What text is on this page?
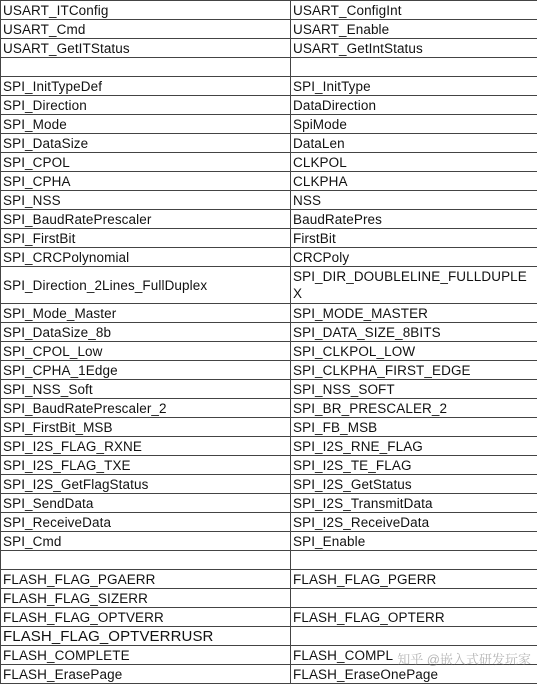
USART_ITConfig	USART_ConfigInt
USART_Cmd	USART_Enable
USART_GetITStatus	USART_GetIntStatus

SPI_InitTypeDef	SPI_InitType
SPI_Direction	DataDirection
SPI_Mode	SpiMode
SPI_DataSize	DataLen
SPI_CPOL	CLKPOL
SPI_CPHA	CLKPHA
SPI_NSS	NSS
SPI_BaudRatePrescaler	BaudRatePres
SPI_FirstBit	FirstBit
SPI_CRCPolynomial	CRCPoly
SPI_Direction_2Lines_FullDuplex	SPI_DIR_DOUBLELINE_FULLDUPLEX
SPI_Mode_Master	SPI_MODE_MASTER
SPI_DataSize_8b	SPI_DATA_SIZE_8BITS
SPI_CPOL_Low	SPI_CLKPOL_LOW
SPI_CPHA_1Edge	SPI_CLKPHA_FIRST_EDGE
SPI_NSS_Soft	SPI_NSS_SOFT
SPI_BaudRatePrescaler_2	SPI_BR_PRESCALER_2
SPI_FirstBit_MSB	SPI_FB_MSB
SPI_I2S_FLAG_RXNE	SPI_I2S_RNE_FLAG
SPI_I2S_FLAG_TXE	SPI_I2S_TE_FLAG
SPI_I2S_GetFlagStatus	SPI_I2S_GetStatus
SPI_SendData	SPI_I2S_TransmitData
SPI_ReceiveData	SPI_I2S_ReceiveData
SPI_Cmd	SPI_Enable

FLASH_FLAG_PGAERR	FLASH_FLAG_PGERR
FLASH_FLAG_SIZERR	
FLASH_FLAG_OPTVERR	FLASH_FLAG_OPTERR
FLASH_FLAG_OPTVERRUSR	
FLASH_COMPLETE	FLASH_COMPL
FLASH_ErasePage	FLASH_EraseOnePage
知乎 @嵌入式研发玩家
